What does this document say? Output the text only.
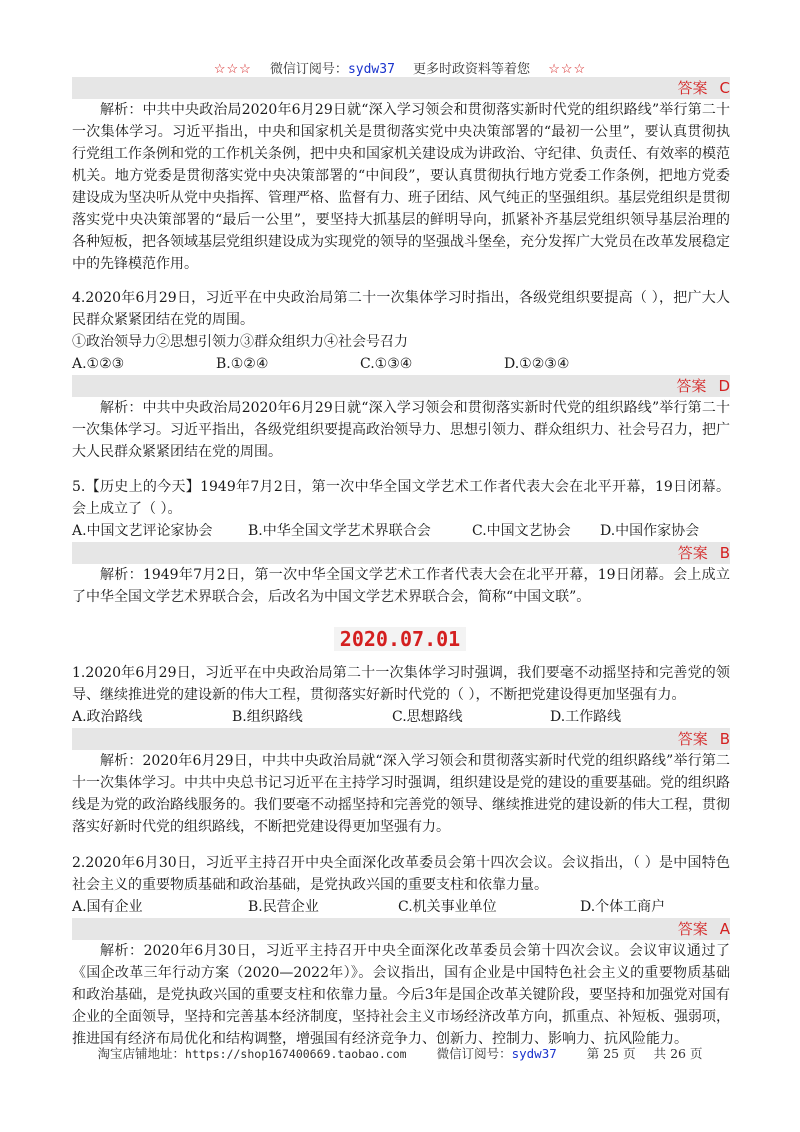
☆☆☆ 微信订阅号：sydw37 更多时政资料等着您 ☆☆☆
答案 C

解析：中共中央政治局2020年6月29日就“深入学习领会和贯彻落实新时代党的组织路线”举行第二十一次集体学习。习近平指出，中央和国家机关是贯彻落实党中央决策部署的“最初一公里”，要认真贯彻执行党组工作条例和党的工作机关条例，把中央和国家机关建设成为讲政治、守纪律、负责任、有效率的模范机关。地方党委是贯彻落实党中央决策部署的“中间段”，要认真贯彻执行地方党委工作条例，把地方党委建设成为坚决听从党中央指挥、管理严格、监督有力、班子团结、风气纯正的坚强组织。基层党组织是贯彻落实党中央决策部署的“最后一公里”，要坚持大抓基层的鲜明导向，抓紧补齐基层党组织领导基层治理的各种短板，把各领域基层党组织建设成为实现党的领导的坚强战斗堡垒，充分发挥广大党员在改革发展稳定中的先锋模范作用。

4.2020年6月29日，习近平在中央政治局第二十一次集体学习时指出，各级党组织要提高（ ），把广大人民群众紧紧团结在党的周围。

①政治领导力②思想引领力③群众组织力④社会号召力

A.①②③	B.①②④	C.①③④	D.①②③④
答案 D

解析：中共中央政治局2020年6月29日就“深入学习领会和贯彻落实新时代党的组织路线”举行第二十一次集体学习。习近平指出，各级党组织要提高政治领导力、思想引领力、群众组织力、社会号召力，把广大人民群众紧紧团结在党的周围。

5.【历史上的今天】1949年7月2日，第一次中华全国文学艺术工作者代表大会在北平开幕，19日闭幕。会上成立了（ ）。

A.中国文艺评论家协会	B.中华全国文学艺术界联合会	C.中国文艺协会 D.中国作家协会
答案 B

解析：1949年7月2日，第一次中华全国文学艺术工作者代表大会在北平开幕，19日闭幕。会上成立了中华全国文学艺术界联合会，后改名为中国文学艺术界联合会，简称“中国文联”。

2020.07.01

1.2020年6月29日，习近平在中央政治局第二十一次集体学习时强调，我们要毫不动摇坚持和完善党的领导、继续推进党的建设新的伟大工程，贯彻落实好新时代党的（ ），不断把党建设得更加坚强有力。

A.政治路线	B.组织路线	C.思想路线	D.工作路线
答案 B

解析：2020年6月29日，中共中央政治局就“深入学习领会和贯彻落实新时代党的组织路线”举行第二十一次集体学习。中共中央总书记习近平在主持学习时强调，组织建设是党的建设的重要基础。党的组织路线是为党的政治路线服务的。我们要毫不动摇坚持和完善党的领导、继续推进党的建设新的伟大工程，贯彻落实好新时代党的组织路线，不断把党建设得更加坚强有力。

2.2020年6月30日，习近平主持召开中央全面深化改革委员会第十四次会议。会议指出，（ ）是中国特色社会主义的重要物质基础和政治基础，是党执政兴国的重要支柱和依靠力量。

A.国有企业	B.民营企业	C.机关事业单位	D.个体工商户
答案 A

解析：2020年6月30日，习近平主持召开中央全面深化改革委员会第十四次会议。会议审议通过了《国企改革三年行动方案（2020—2022年）》。会议指出，国有企业是中国特色社会主义的重要物质基础和政治基础，是党执政兴国的重要支柱和依靠力量。今后3年是国企改革关键阶段，要坚持和加强党对国有企业的全面领导，坚持和完善基本经济制度，坚持社会主义市场经济改革方向，抓重点、补短板、强弱项，推进国有经济布局优化和结构调整，增强国有经济竞争力、创新力、控制力、影响力、抗风险能力。

淘宝店铺地址：https://shop167400669.taobao.com 微信订阅号：sydw37 第 25 页 共 26 页
